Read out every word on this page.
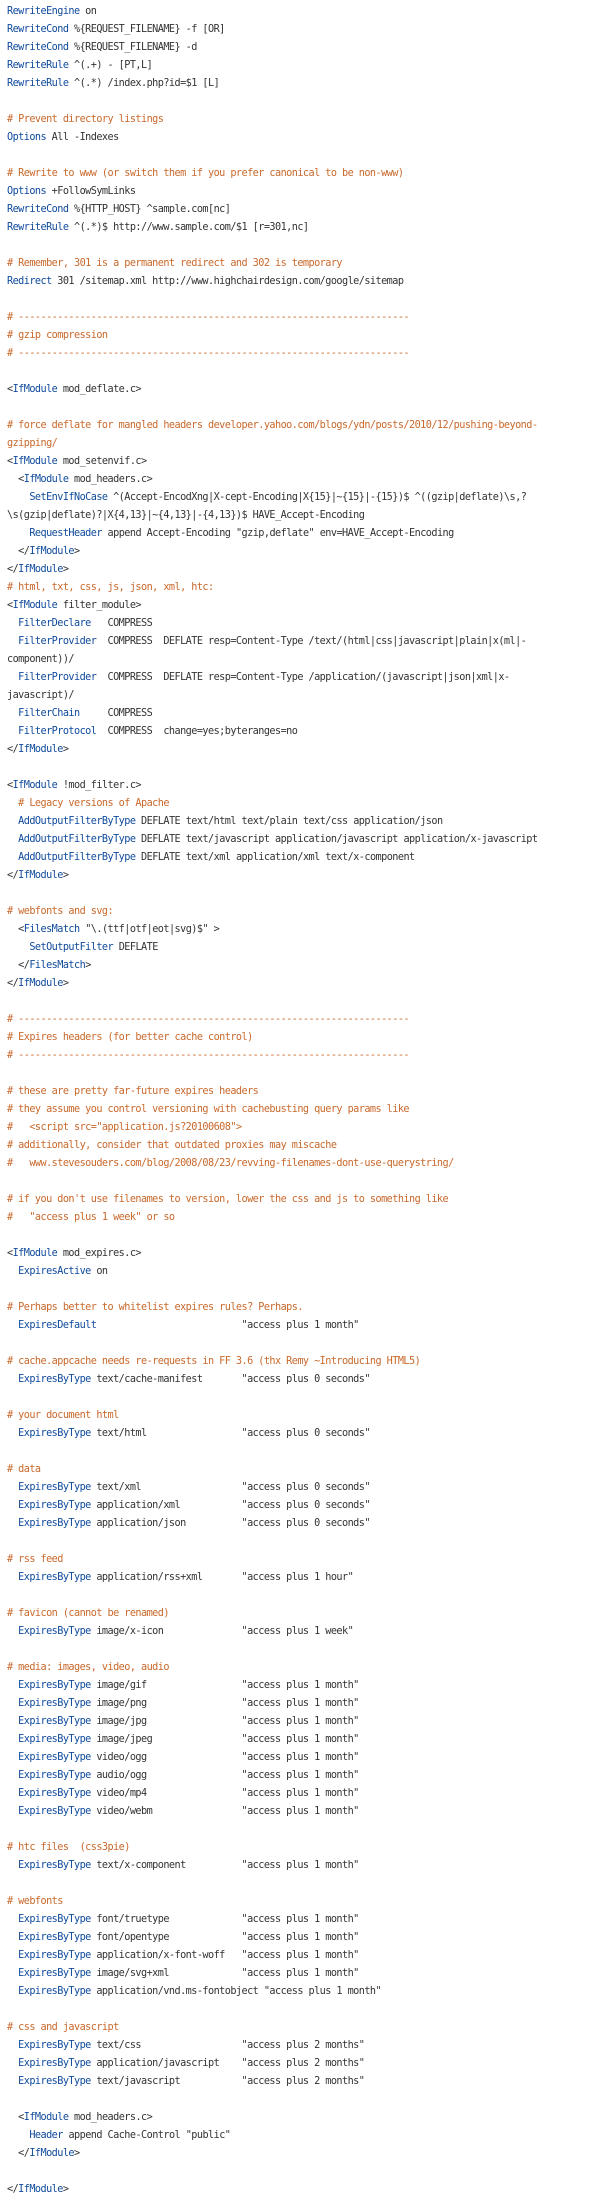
RewriteEngine on
RewriteCond %{REQUEST_FILENAME} -f [OR]
RewriteCond %{REQUEST_FILENAME} -d
RewriteRule ^(.+) - [PT,L]
RewriteRule ^(.*) /index.php?id=$1 [L]

# Prevent directory listings
Options All -Indexes

# Rewrite to www (or switch them if you prefer canonical to be non-www)
Options +FollowSymLinks
RewriteCond %{HTTP_HOST} ^sample.com[nc]
RewriteRule ^(.*)$ http://www.sample.com/$1 [r=301,nc]

# Remember, 301 is a permanent redirect and 302 is temporary
Redirect 301 /sitemap.xml http://www.highchairdesign.com/google/sitemap

# ----------------------------------------------------------------------
# gzip compression
# ----------------------------------------------------------------------

<IfModule mod_deflate.c>

# force deflate for mangled headers developer.yahoo.com/blogs/ydn/posts/2010/12/pushing-beyond-
gzipping/
<IfModule mod_setenvif.c>
<IfModule mod_headers.c>
SetEnvIfNoCase ^(Accept-EncodXng|X-cept-Encoding|X{15}|~{15}|-{15})$ ^((gzip|deflate)\s,?
\s(gzip|deflate)?|X{4,13}|~{4,13}|-{4,13})$ HAVE_Accept-Encoding
RequestHeader append Accept-Encoding "gzip,deflate" env=HAVE_Accept-Encoding
</IfModule>
</IfModule>
# html, txt, css, js, json, xml, htc:
<IfModule filter_module>
FilterDeclare   COMPRESS
FilterProvider  COMPRESS  DEFLATE resp=Content-Type /text/(html|css|javascript|plain|x(ml|-
component))/
FilterProvider  COMPRESS  DEFLATE resp=Content-Type /application/(javascript|json|xml|x-
javascript)/
FilterChain     COMPRESS
FilterProtocol  COMPRESS  change=yes;byteranges=no
</IfModule>

<IfModule !mod_filter.c>
# Legacy versions of Apache
AddOutputFilterByType DEFLATE text/html text/plain text/css application/json
AddOutputFilterByType DEFLATE text/javascript application/javascript application/x-javascript
AddOutputFilterByType DEFLATE text/xml application/xml text/x-component
</IfModule>

# webfonts and svg:
<FilesMatch "\.(ttf|otf|eot|svg)$" >
SetOutputFilter DEFLATE
</FilesMatch>
</IfModule>

# ----------------------------------------------------------------------
# Expires headers (for better cache control)
# ----------------------------------------------------------------------

# these are pretty far-future expires headers
# they assume you control versioning with cachebusting query params like
#   <script src="application.js?20100608">
# additionally, consider that outdated proxies may miscache
#   www.stevesouders.com/blog/2008/08/23/revving-filenames-dont-use-querystring/

# if you don't use filenames to version, lower the css and js to something like
#   "access plus 1 week" or so

<IfModule mod_expires.c>
ExpiresActive on

# Perhaps better to whitelist expires rules? Perhaps.
ExpiresDefault                          "access plus 1 month"

# cache.appcache needs re-requests in FF 3.6 (thx Remy ~Introducing HTML5)
ExpiresByType text/cache-manifest       "access plus 0 seconds"

# your document html
ExpiresByType text/html                 "access plus 0 seconds"

# data
ExpiresByType text/xml                  "access plus 0 seconds"
ExpiresByType application/xml           "access plus 0 seconds"
ExpiresByType application/json          "access plus 0 seconds"

# rss feed
ExpiresByType application/rss+xml       "access plus 1 hour"

# favicon (cannot be renamed)
ExpiresByType image/x-icon              "access plus 1 week"

# media: images, video, audio
ExpiresByType image/gif                 "access plus 1 month"
ExpiresByType image/png                 "access plus 1 month"
ExpiresByType image/jpg                 "access plus 1 month"
ExpiresByType image/jpeg                "access plus 1 month"
ExpiresByType video/ogg                 "access plus 1 month"
ExpiresByType audio/ogg                 "access plus 1 month"
ExpiresByType video/mp4                 "access plus 1 month"
ExpiresByType video/webm                "access plus 1 month"

# htc files  (css3pie)
ExpiresByType text/x-component          "access plus 1 month"

# webfonts
ExpiresByType font/truetype             "access plus 1 month"
ExpiresByType font/opentype             "access plus 1 month"
ExpiresByType application/x-font-woff   "access plus 1 month"
ExpiresByType image/svg+xml             "access plus 1 month"
ExpiresByType application/vnd.ms-fontobject "access plus 1 month"

# css and javascript
ExpiresByType text/css                  "access plus 2 months"
ExpiresByType application/javascript    "access plus 2 months"
ExpiresByType text/javascript           "access plus 2 months"

<IfModule mod_headers.c>
Header append Cache-Control "public"
</IfModule>

</IfModule>
